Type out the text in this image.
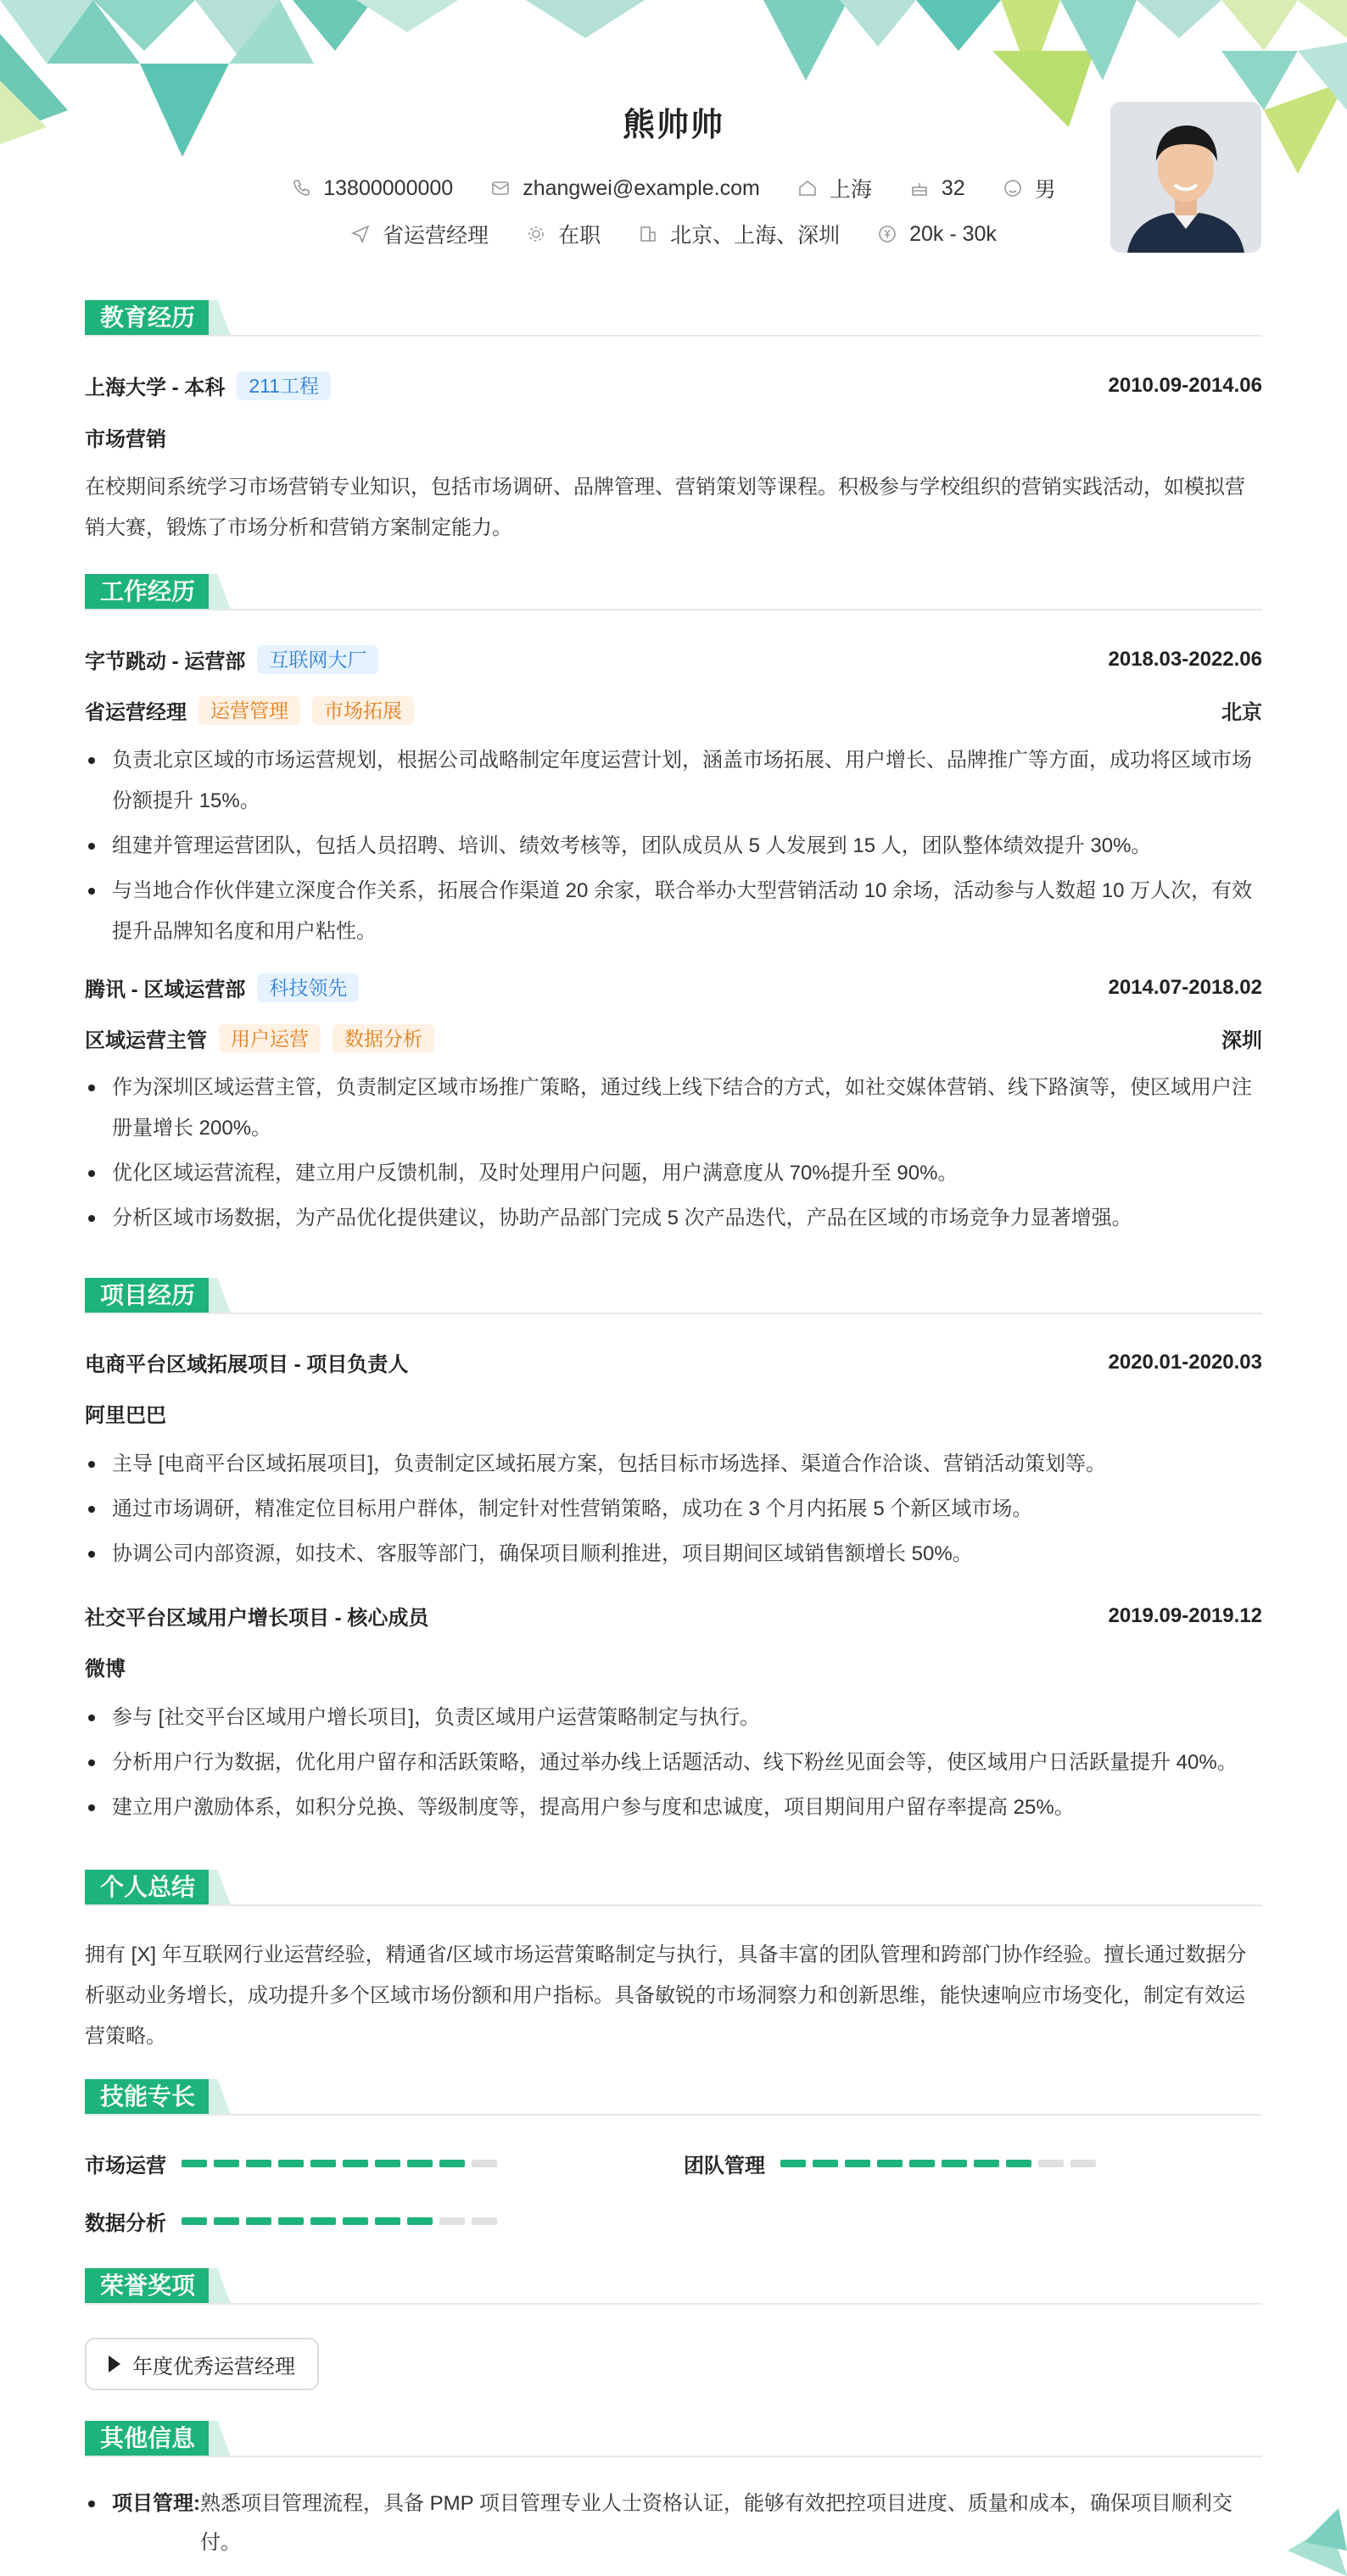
熊帅帅
13800000000	zhangwei@example.com	上海	32	男
省运营经理	在职	北京、上海、深圳	20k - 30k
教育经历
上海大学 - 本科	211工程	2010.09-2014.06
市场营销
在校期间系统学习市场营销专业知识，包括市场调研、品牌管理、营销策划等课程。积极参与学校组织的营销实践活动，如模拟营销大赛，锻炼了市场分析和营销方案制定能力。
工作经历
字节跳动 - 运营部	互联网大厂	2018.03-2022.06
省运营经理	运营管理	市场拓展	北京
负责北京区域的市场运营规划，根据公司战略制定年度运营计划，涵盖市场拓展、用户增长、品牌推广等方面，成功将区域市场份额提升 15%。
组建并管理运营团队，包括人员招聘、培训、绩效考核等，团队成员从 5 人发展到 15 人，团队整体绩效提升 30%。
与当地合作伙伴建立深度合作关系，拓展合作渠道 20 余家，联合举办大型营销活动 10 余场，活动参与人数超 10 万人次，有效提升品牌知名度和用户粘性。
腾讯 - 区域运营部	科技领先	2014.07-2018.02
区域运营主管	用户运营	数据分析	深圳
作为深圳区域运营主管，负责制定区域市场推广策略，通过线上线下结合的方式，如社交媒体营销、线下路演等，使区域用户注册量增长 200%。
优化区域运营流程，建立用户反馈机制，及时处理用户问题，用户满意度从 70%提升至 90%。
分析区域市场数据，为产品优化提供建议，协助产品部门完成 5 次产品迭代，产品在区域的市场竞争力显著增强。
项目经历
电商平台区域拓展项目 - 项目负责人	2020.01-2020.03
阿里巴巴
主导 [电商平台区域拓展项目]，负责制定区域拓展方案，包括目标市场选择、渠道合作洽谈、营销活动策划等。
通过市场调研，精准定位目标用户群体，制定针对性营销策略，成功在 3 个月内拓展 5 个新区域市场。
协调公司内部资源，如技术、客服等部门，确保项目顺利推进，项目期间区域销售额增长 50%。
社交平台区域用户增长项目 - 核心成员	2019.09-2019.12
微博
参与 [社交平台区域用户增长项目]，负责区域用户运营策略制定与执行。
分析用户行为数据，优化用户留存和活跃策略，通过举办线上话题活动、线下粉丝见面会等，使区域用户日活跃量提升 40%。
建立用户激励体系，如积分兑换、等级制度等，提高用户参与度和忠诚度，项目期间用户留存率提高 25%。
个人总结
拥有 [X] 年互联网行业运营经验，精通省/区域市场运营策略制定与执行，具备丰富的团队管理和跨部门协作经验。擅长通过数据分析驱动业务增长，成功提升多个区域市场份额和用户指标。具备敏锐的市场洞察力和创新思维，能快速响应市场变化，制定有效运营策略。
技能专长
市场运营	团队管理
数据分析
荣誉奖项
年度优秀运营经理
其他信息
项目管理: 熟悉项目管理流程，具备 PMP 项目管理专业人士资格认证，能够有效把控项目进度、质量和成本，确保项目顺利交付。
